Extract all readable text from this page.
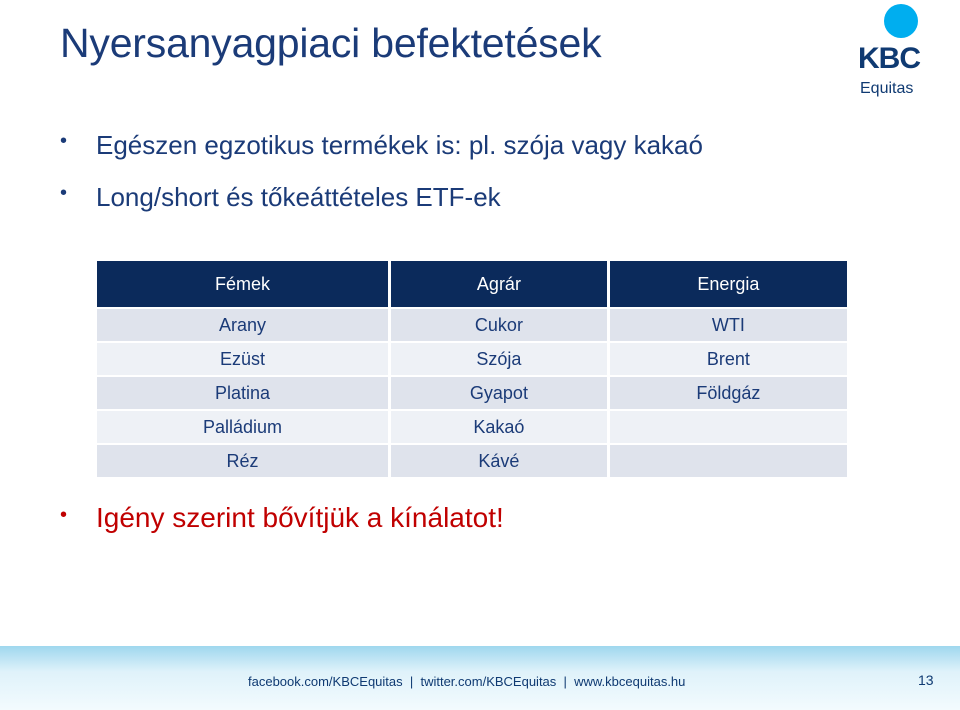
Nyersanyagpiaci befektetések	KBC
Equitas
• Egészen egzotikus termékek is: pl. szója vagy kakaó
• Long/short és tőkeáttételes ETF-ek
Fémek	Agrár	Energia
Arany	Cukor	WTI
Ezüst	Szója	Brent
Platina	Gyapot	Földgáz
Palládium	Kakaó	
Réz	Kávé	
• Igény szerint bővítjük a kínálatot!
facebook.com/KBCEquitas  |  twitter.com/KBCEquitas  |  www.kbcequitas.hu	13
